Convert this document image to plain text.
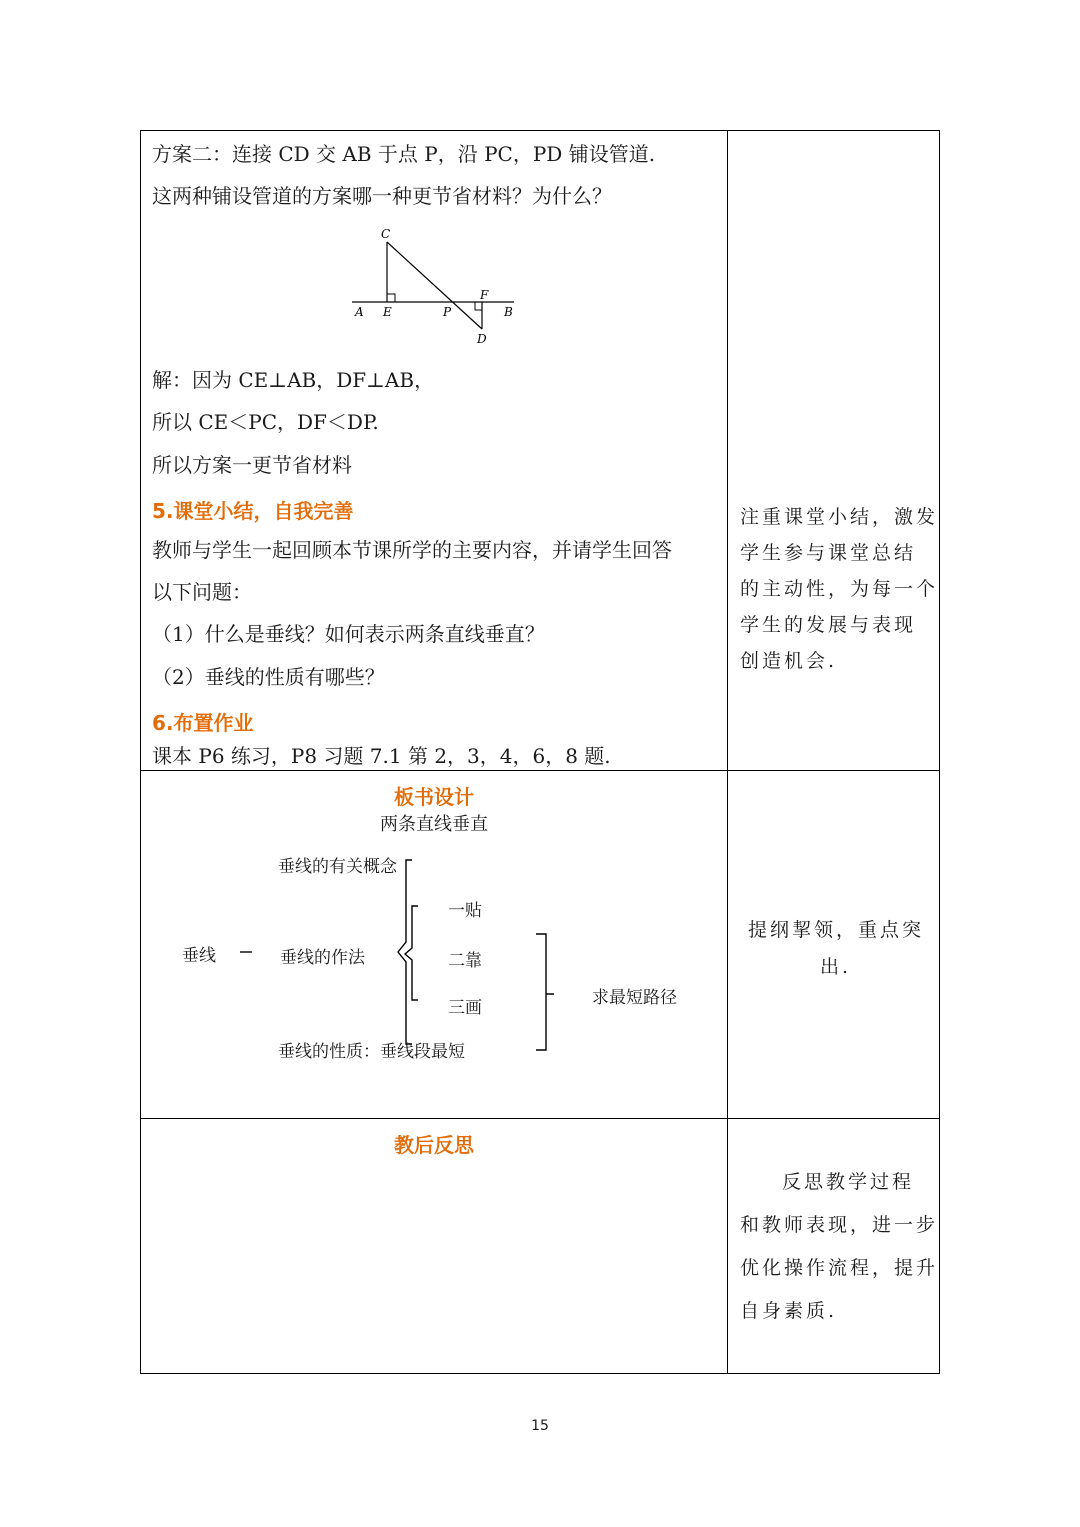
方案二：连接 CD 交 AB 于点 P，沿 PC，PD 铺设管道.
这两种铺设管道的方案哪一种更节省材料？为什么？
C
A E	P
F
B
D
解：因为 CE⊥AB，DF⊥AB，
所以 CE＜PC，DF＜DP.
所以方案一更节省材料
5.课堂小结，自我完善
教师与学生一起回顾本节课所学的主要内容，并请学生回答
以下问题：
（1）什么是垂线？如何表示两条直线垂直？
（2）垂线的性质有哪些？
6.布置作业
课本 P6 练习，P8 习题 7.1 第 2，3，4，6，8 题.
注重课堂小结，激发
学生参与课堂总结
的主动性，为每一个
学生的发展与表现
创造机会.
板书设计
两条直线垂直
垂线
垂线的有关概念
垂线的作法
一贴
二靠
三画
垂线的性质：垂线段最短
求最短路径
提纲挈领，重点突
出.
教后反思
反思教学过程
和教师表现，进一步
优化操作流程，提升
自身素质.
15
